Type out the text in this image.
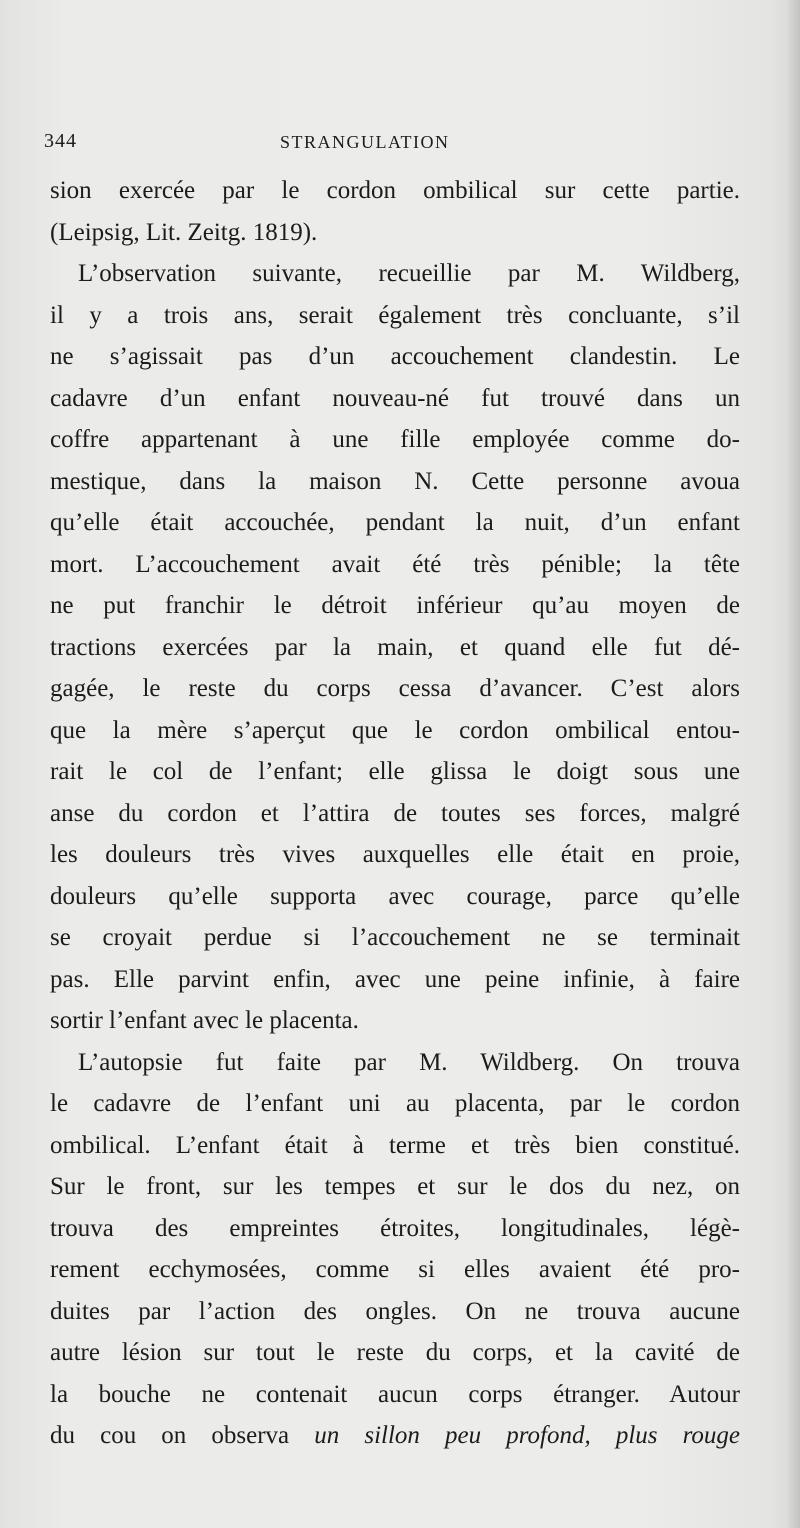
344	STRANGULATION
sion exercée par le cordon ombilical sur cette partie.
(Leipsig, Lit. Zeitg. 1819).
L’observation suivante, recueillie par M. Wildberg,
il y a trois ans, serait également très concluante, s’il
ne s’agissait pas d’un accouchement clandestin. Le
cadavre d’un enfant nouveau-né fut trouvé dans un
coffre appartenant à une fille employée comme do-
mestique, dans la maison N. Cette personne avoua
qu’elle était accouchée, pendant la nuit, d’un enfant
mort. L’accouchement avait été très pénible; la tête
ne put franchir le détroit inférieur qu’au moyen de
tractions exercées par la main, et quand elle fut dé-
gagée, le reste du corps cessa d’avancer. C’est alors
que la mère s’aperçut que le cordon ombilical entou-
rait le col de l’enfant; elle glissa le doigt sous une
anse du cordon et l’attira de toutes ses forces, malgré
les douleurs très vives auxquelles elle était en proie,
douleurs qu’elle supporta avec courage, parce qu’elle
se croyait perdue si l’accouchement ne se terminait
pas. Elle parvint enfin, avec une peine infinie, à faire
sortir l’enfant avec le placenta.
L’autopsie fut faite par M. Wildberg. On trouva
le cadavre de l’enfant uni au placenta, par le cordon
ombilical. L’enfant était à terme et très bien constitué.
Sur le front, sur les tempes et sur le dos du nez, on
trouva des empreintes étroites, longitudinales, légè-
rement ecchymosées, comme si elles avaient été pro-
duites par l’action des ongles. On ne trouva aucune
autre lésion sur tout le reste du corps, et la cavité de
la bouche ne contenait aucun corps étranger. Autour
du cou on observa un sillon peu profond, plus rouge
